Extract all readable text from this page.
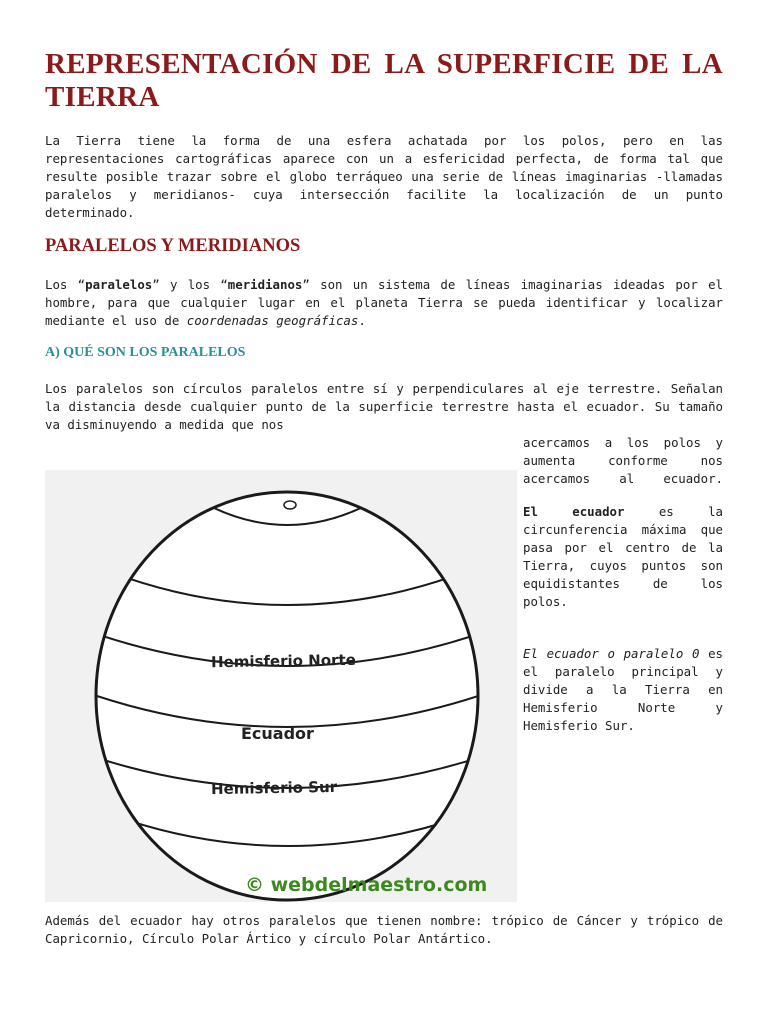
REPRESENTACIÓN DE LA SUPERFICIE DE LA TIERRA

La Tierra tiene la forma de una esfera achatada por los polos, pero en las representaciones cartográficas aparece con un a esfericidad perfecta, de forma tal que resulte posible trazar sobre el globo terráqueo una serie de líneas imaginarias -llamadas paralelos y meridianos- cuya intersección facilite la localización de un punto determinado.

PARALELOS Y MERIDIANOS

Los “paralelos” y los “meridianos” son un sistema de líneas imaginarias ideadas por el hombre, para que cualquier lugar en el planeta Tierra se pueda identificar y localizar mediante el uso de coordenadas geográficas.

A) QUÉ SON LOS PARALELOS

Los paralelos son círculos paralelos entre sí y perpendiculares al eje terrestre. Señalan la distancia desde cualquier punto de la superficie terrestre hasta el ecuador. Su tamaño va disminuyendo a medida que nos

acercamos a los polos y aumenta conforme nos acercamos al ecuador.

El ecuador es la circunferencia máxima que pasa por el centro de la Tierra, cuyos puntos son equidistantes de los polos.

El ecuador o paralelo 0 es el paralelo principal y divide a la Tierra en Hemisferio Norte y Hemisferio Sur.

Hemisferio Norte
Ecuador
Hemisferio Sur
© webdelmaestro.com

Además del ecuador hay otros paralelos que tienen nombre: trópico de Cáncer y trópico de Capricornio, Círculo Polar Ártico y círculo Polar Antártico.
